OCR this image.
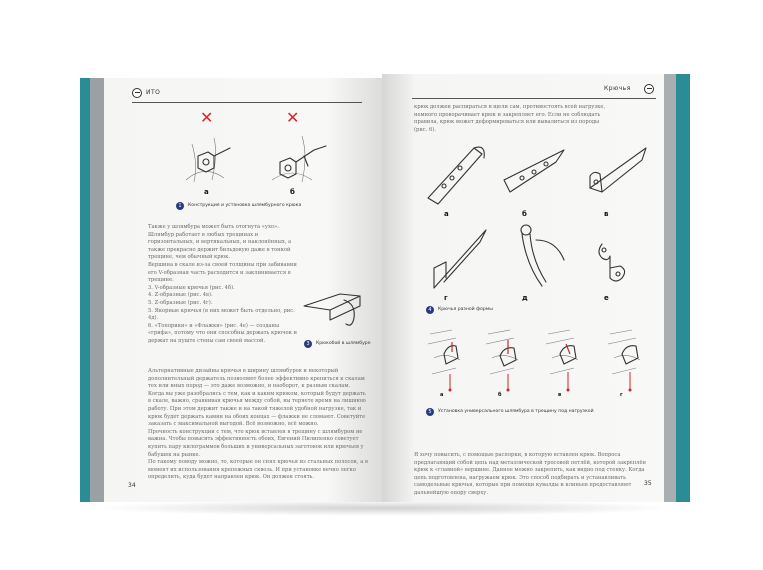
ИТО
✕	✕
а	б
1	Конструкция и установка шлямбурного крюка

Также у шлямбура может быть отогнута «ухо».

Шлямбур работает в любых трещинах и горизонтальных, и вертикальных, и наклонённых, а также прекрасно держит бильдовую даже в тонкой трещине, чем обычный крюк.

Вершина в скале из-за своей толщины при забивании его V-образная часть расходится и заклинивается в трещине.

3. V-образные крючья (рис. 4б).

4. Z-образные (рис. 4в).

5. Z-образные (рис. 4г).

5. Якорные крючья (в них может быть отдельно, рис. 4д).

6. «Топорики» и «Флажки» (рис. 4е) — созданы «грифа», потому что они способны держать крючок и держат на пуште стены сам своей массой.

3	Крюкобой в шлямбуре

Альтернативные дизайны крючья в ширину шлямбуров и некоторый дополнительный держатель позволяют более эффективно крепиться к скалам тех или иных пород — это даже возможно, и наоборот, к разным скалам.

Когда вы уже разобрались с тем, как и каким крюком, который будут держать в скале, важно, сравнивая крючья между собой, вы теряете время на лишнюю работу. При этом держит также и на такой тяжелой удобной нагрузке, так и крюк будет держать камни на обоих концах — флажки не сломают. Советуйте заказать с максимальной выгодой. Всё возможно, всё можно.

Прочность конструкции с тем, что крюк вставлен в трещину с шлямбуром не важна. Чтобы повысить эффективность обоих, Евгений Пилипенко советует купить пару килограммов больших и универсальных заготовок или крючьев у бабушек на рынке.

По такому поводу можно, то, которые он снял крючья из стальных полосок, а в момент их использования крепежных сквозь. И при установке вечно легко определить, куда будет направлен крюк. Он должен стоять.

34
Крючья

крюк должен распираться в щели сам, противостоять всей нагрузке, немного проворачивает крюк и закрепляет его. Если не соблюдать правила, крюк может деформироваться или вывалиться из породы (рис. 6).

а	б	в
г	д	е
4	Крючья разной формы
а	б	в	г
5	Установка универсального шлямбура в трещину под нагрузкой

Я хочу повысить, с помощью распорки, в которую вставлен крюк. Вопроса предлагающий собой цепь над металлической тросовой петлёй, которой закреплён крюк к «главной» вершине. Данное можно закрепить, как видно под стенку. Когда цепь подготовлена, нагружаем крюк. Это способ подбирать и устанавливать самодельные крючья, которые при помощи кувалды и клиньев предоставляют дальнейшую опору сверху.

35
